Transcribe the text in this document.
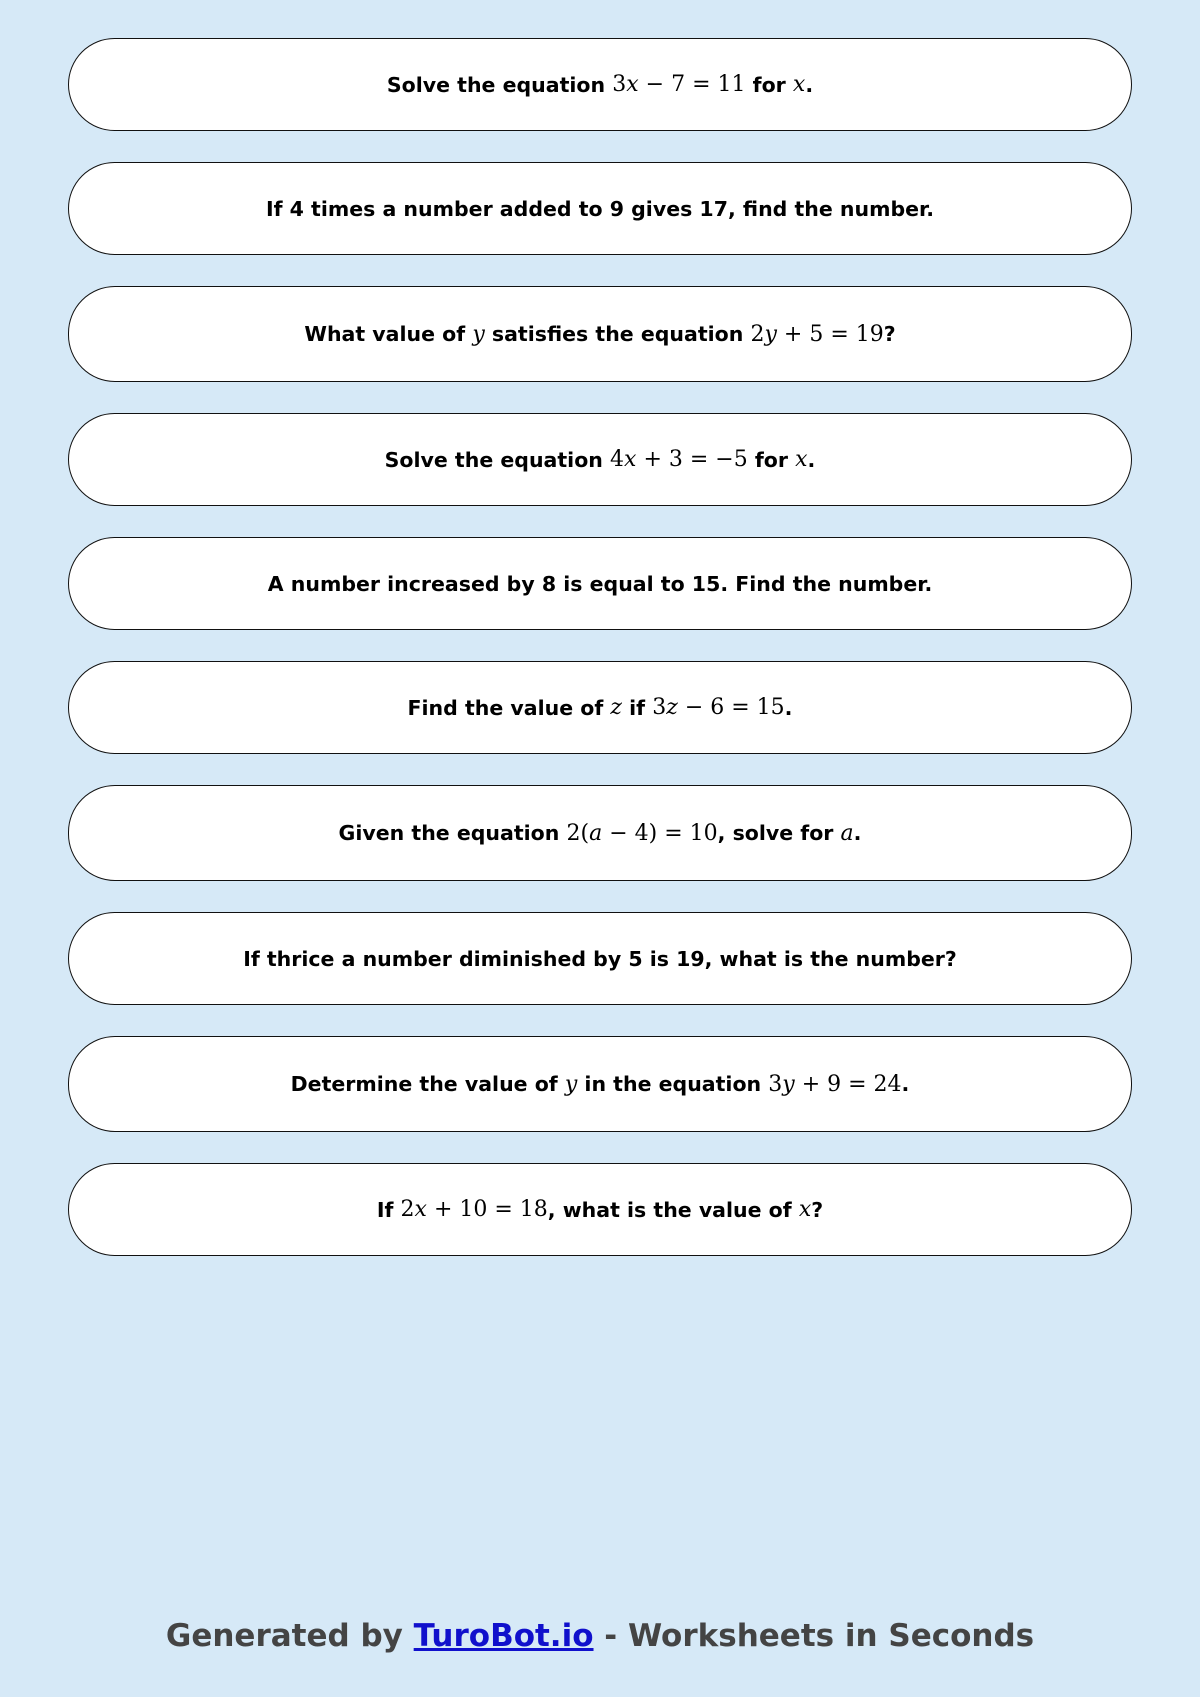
Solve the equation 3x − 7 = 11 for x .
If 4 times a number added to 9 gives 17, find the number.
What value of y satisfies the equation 2y + 5 = 19 ?
Solve the equation 4x + 3 = −5 for x .
A number increased by 8 is equal to 15. Find the number.
Find the value of z if 3z − 6 = 15 .
Given the equation 2(a − 4) = 10 , solve for a .
If thrice a number diminished by 5 is 19, what is the number?
Determine the value of y in the equation 3y + 9 = 24 .
If 2x + 10 = 18 , what is the value of x ?
Generated by TuroBot.io - Worksheets in Seconds
